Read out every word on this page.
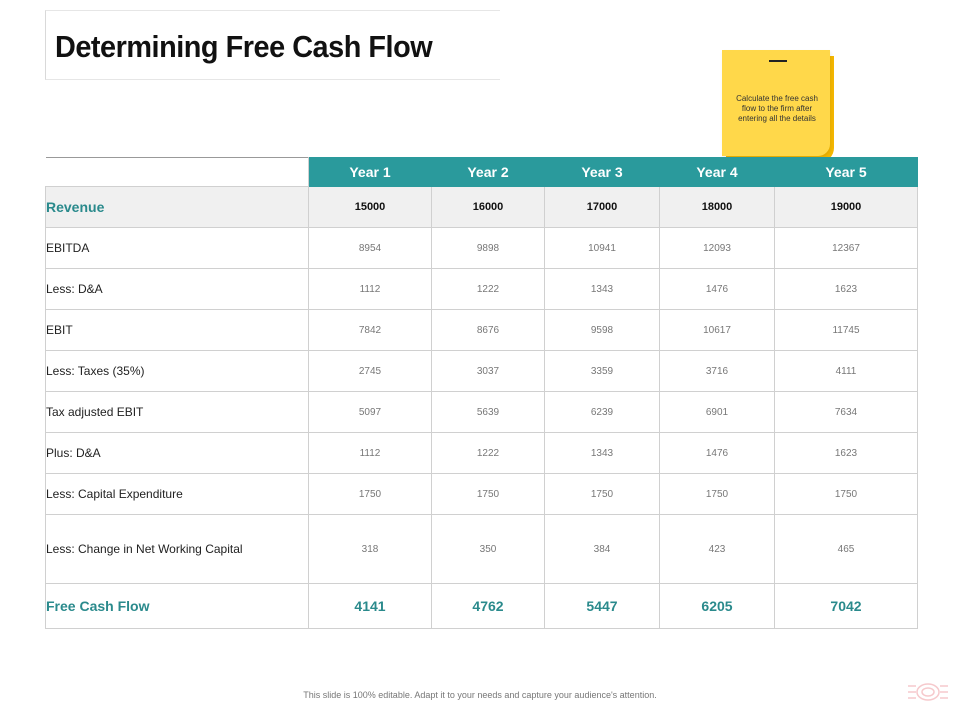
Determining Free Cash Flow
Calculate the free cash flow to the firm after entering all the details
	Year 1	Year 2	Year 3	Year 4	Year 5
Revenue	15000	16000	17000	18000	19000
EBITDA	8954	9898	10941	12093	12367
Less: D&A	1112	1222	1343	1476	1623
EBIT	7842	8676	9598	10617	11745
Less: Taxes (35%)	2745	3037	3359	3716	4111
Tax adjusted EBIT	5097	5639	6239	6901	7634
Plus: D&A	1112	1222	1343	1476	1623
Less: Capital Expenditure	1750	1750	1750	1750	1750
Less: Change in Net Working Capital	318	350	384	423	465
Free Cash Flow	4141	4762	5447	6205	7042
This slide is 100% editable. Adapt it to your needs and capture your audience's attention.
